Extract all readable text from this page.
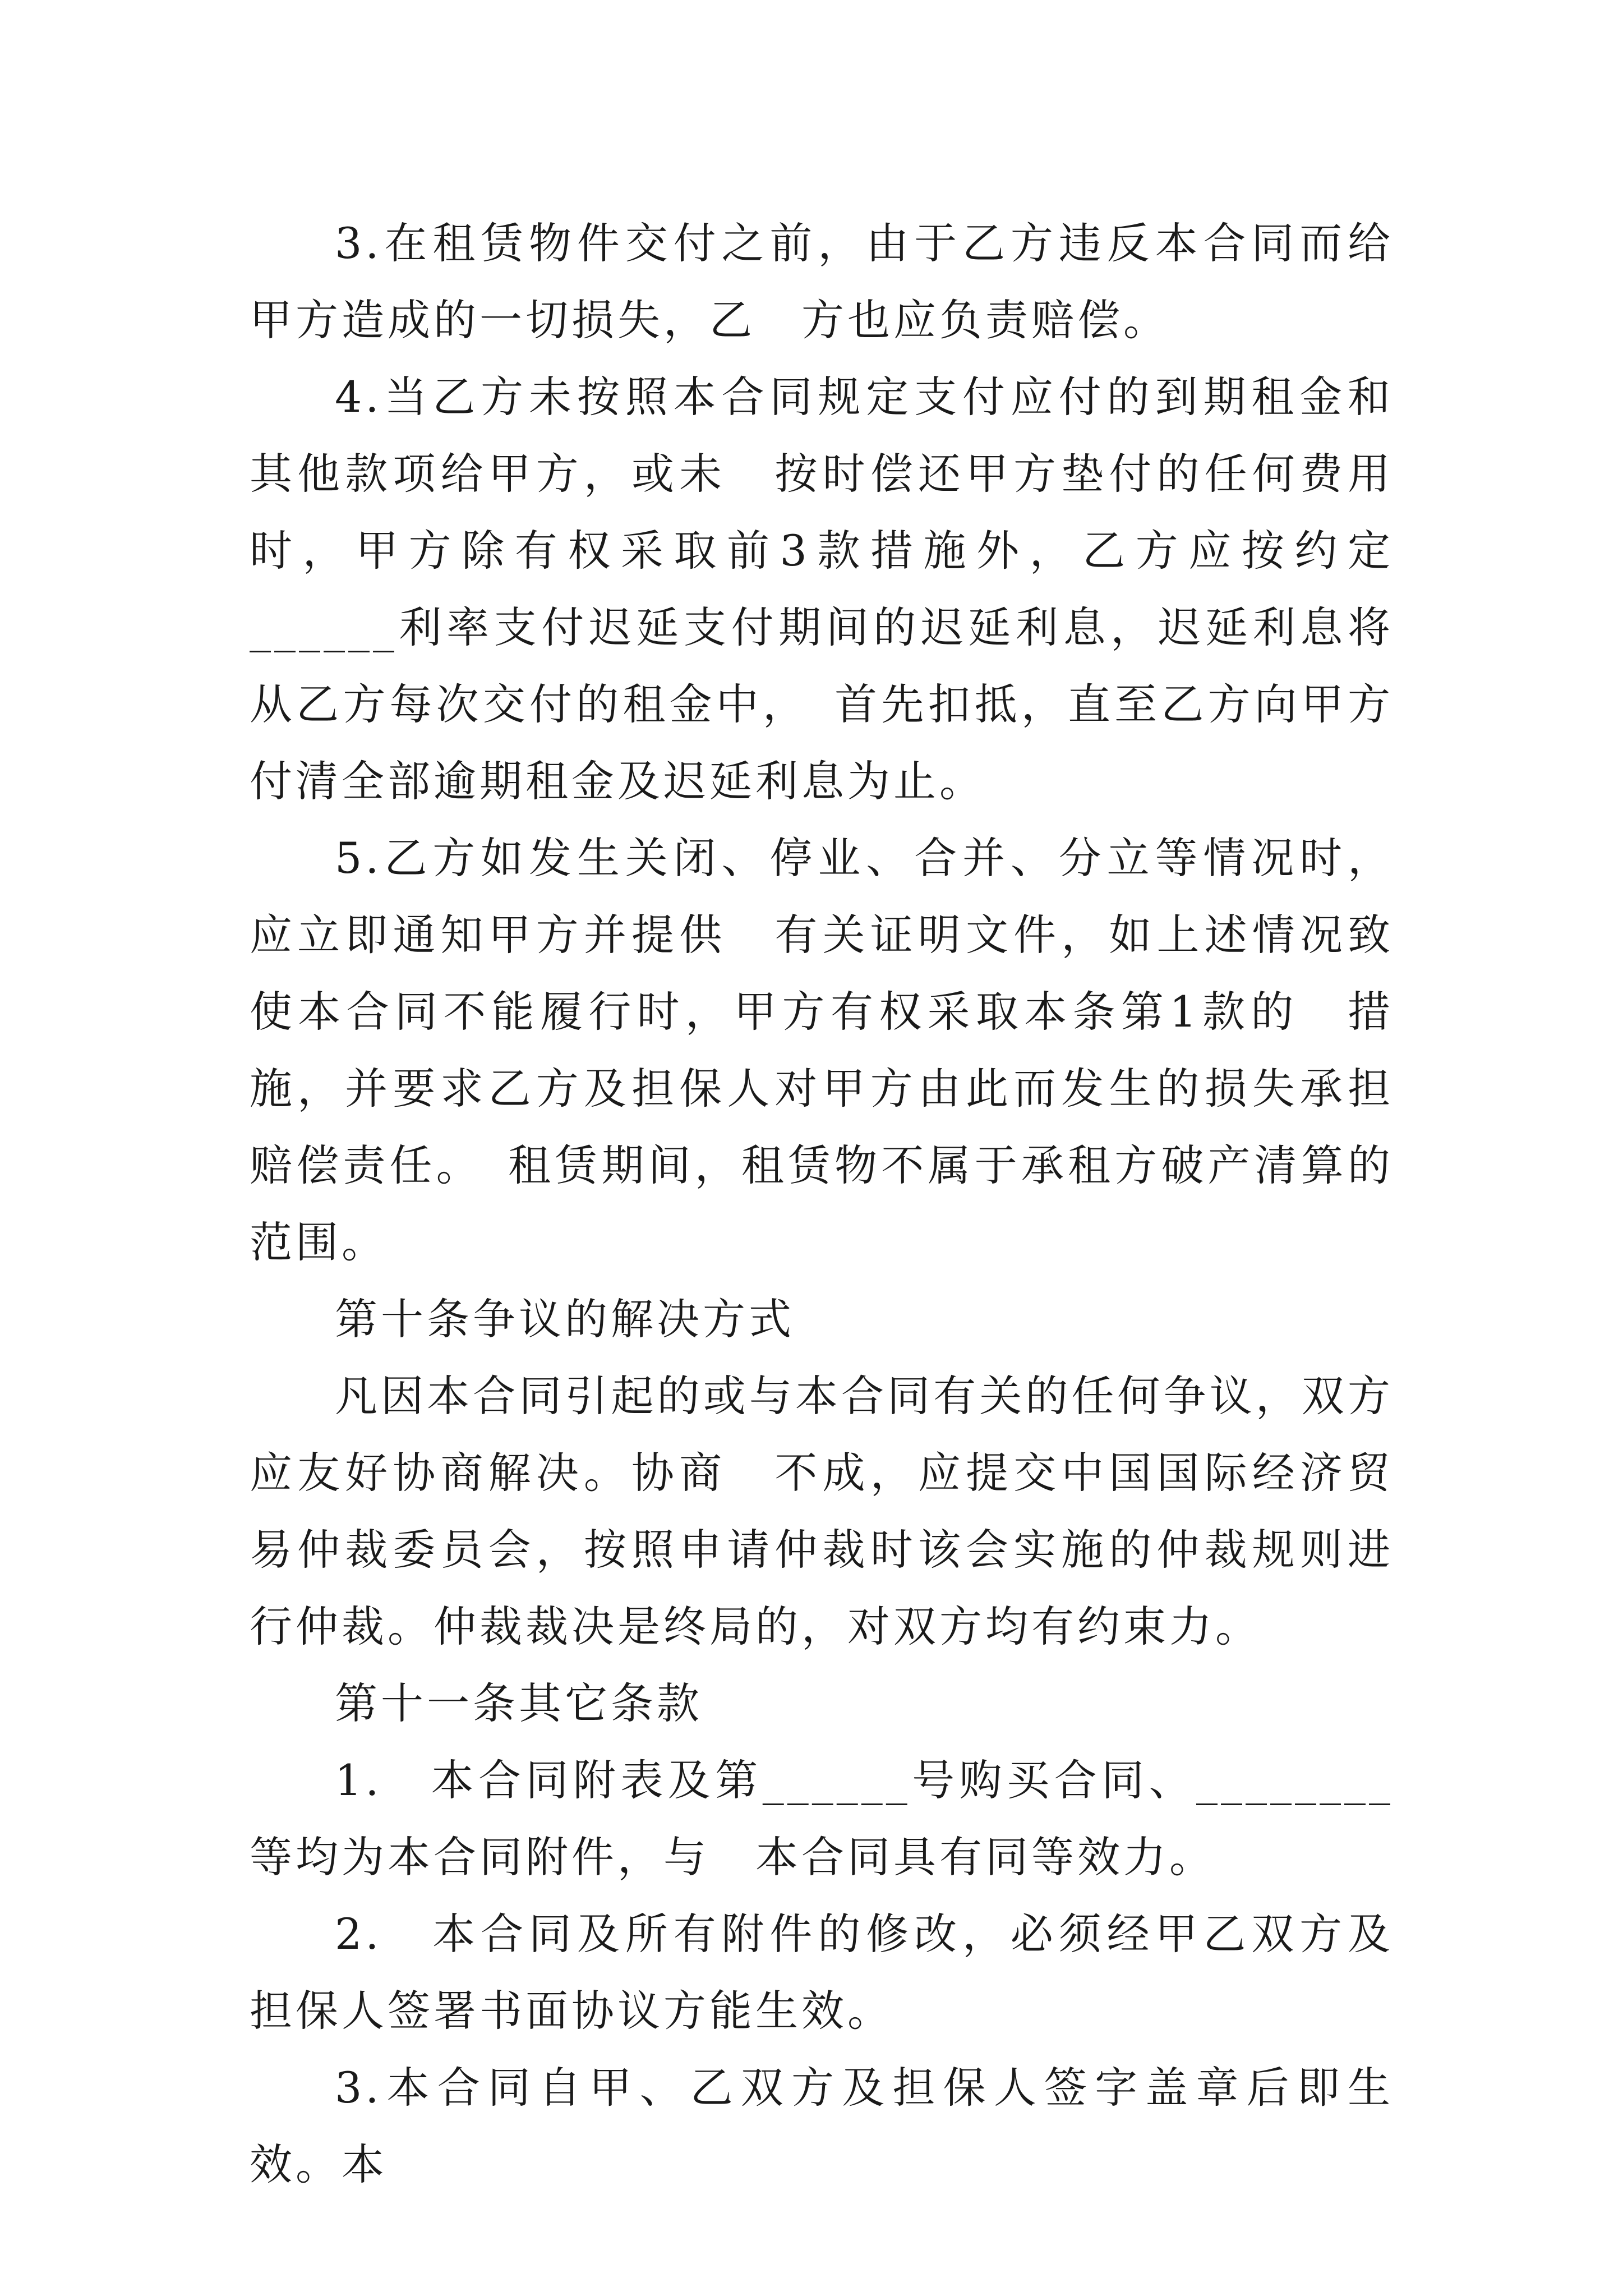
3.在租赁物件交付之前，由于乙方违反本合同而给甲方造成的一切损失，乙　方也应负责赔偿。

4.当乙方未按照本合同规定支付应付的到期租金和其他款项给甲方，或未　按时偿还甲方垫付的任何费用时，甲方除有权采取前3款措施外，乙方应按约定　______利率支付迟延支付期间的迟延利息，迟延利息将从乙方每次交付的租金中，　首先扣抵，直至乙方向甲方付清全部逾期租金及迟延利息为止。

5.乙方如发生关闭、停业、合并、分立等情况时，应立即通知甲方并提供　有关证明文件，如上述情况致使本合同不能履行时，甲方有权采取本条第1款的　措施，并要求乙方及担保人对甲方由此而发生的损失承担赔偿责任。　租赁期间，租赁物不属于承租方破产清算的范围。

第十条争议的解决方式

凡因本合同引起的或与本合同有关的任何争议，双方应友好协商解决。协商　不成，应提交中国国际经济贸易仲裁委员会，按照申请仲裁时该会实施的仲裁规则进行仲裁。仲裁裁决是终局的，对双方均有约束力。

第十一条其它条款

1.　本合同附表及第______号购买合同、________等均为本合同附件，与　本合同具有同等效力。

2.　本合同及所有附件的修改，必须经甲乙双方及担保人签署书面协议方能生效。

3.本合同自甲、乙双方及担保人签字盖章后即生效。本
